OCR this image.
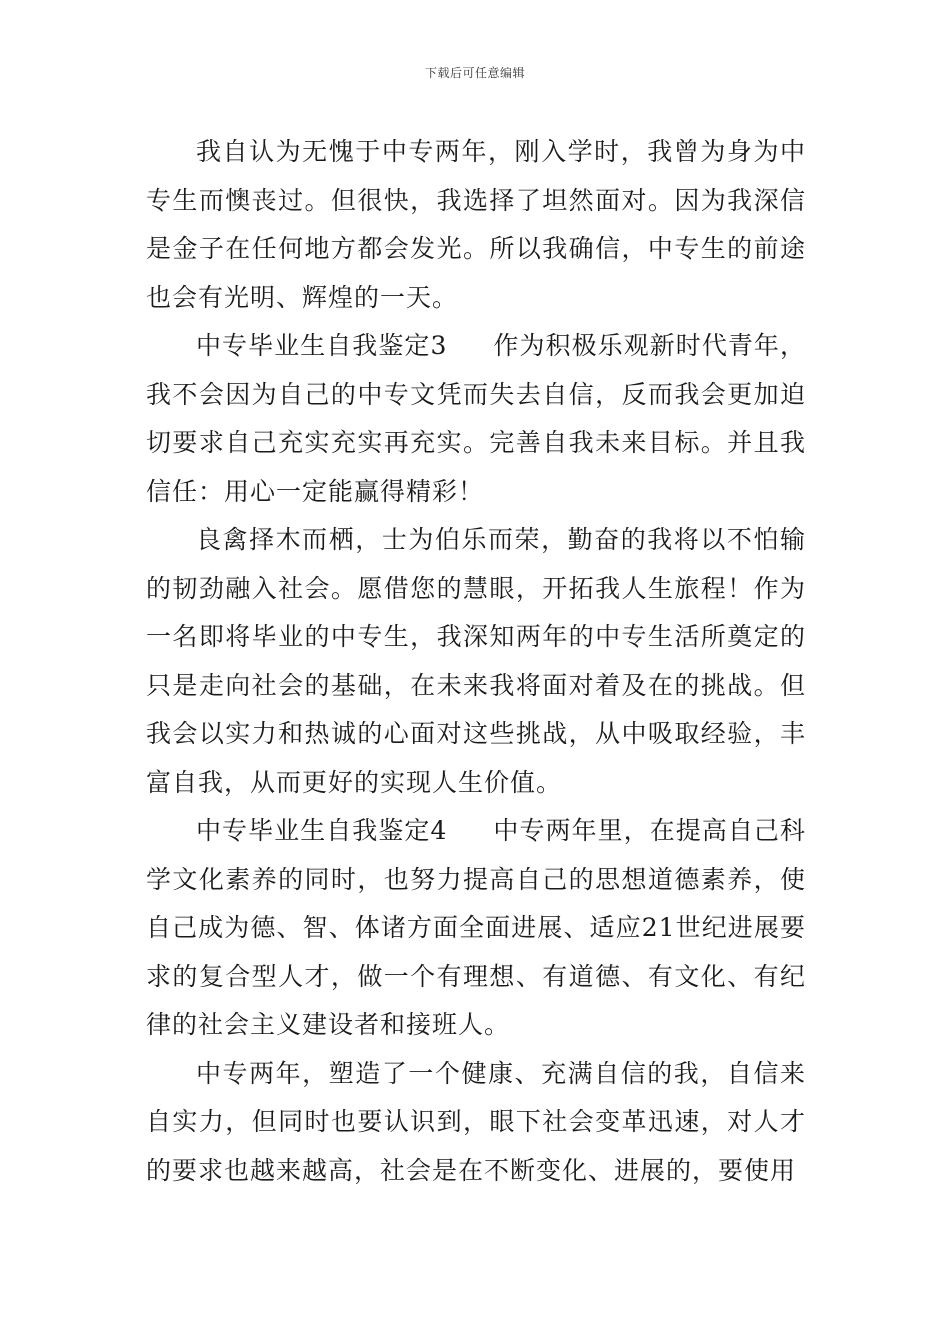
下载后可任意编辑

我自认为无愧于中专两年，刚入学时，我曾为身为中专生而懊丧过。但很快，我选择了坦然面对。因为我深信是金子在任何地方都会发光。所以我确信，中专生的前途也会有光明、辉煌的一天。

中专毕业生自我鉴定3 作为积极乐观新时代青年，我不会因为自己的中专文凭而失去自信，反而我会更加迫切要求自己充实充实再充实。完善自我未来目标。并且我信任：用心一定能赢得精彩！

良禽择木而栖，士为伯乐而荣，勤奋的我将以不怕输的韧劲融入社会。愿借您的慧眼，开拓我人生旅程！作为一名即将毕业的中专生，我深知两年的中专生活所奠定的只是走向社会的基础，在未来我将面对着及在的挑战。但我会以实力和热诚的心面对这些挑战，从中吸取经验，丰富自我，从而更好的实现人生价值。

中专毕业生自我鉴定4 中专两年里，在提高自己科学文化素养的同时，也努力提高自己的思想道德素养，使自己成为德、智、体诸方面全面进展、适应21世纪进展要求的复合型人才，做一个有理想、有道德、有文化、有纪律的社会主义建设者和接班人。

中专两年，塑造了一个健康、充满自信的我，自信来自实力，但同时也要认识到，眼下社会变革迅速，对人才的要求也越来越高，社会是在不断变化、进展的，要使用
